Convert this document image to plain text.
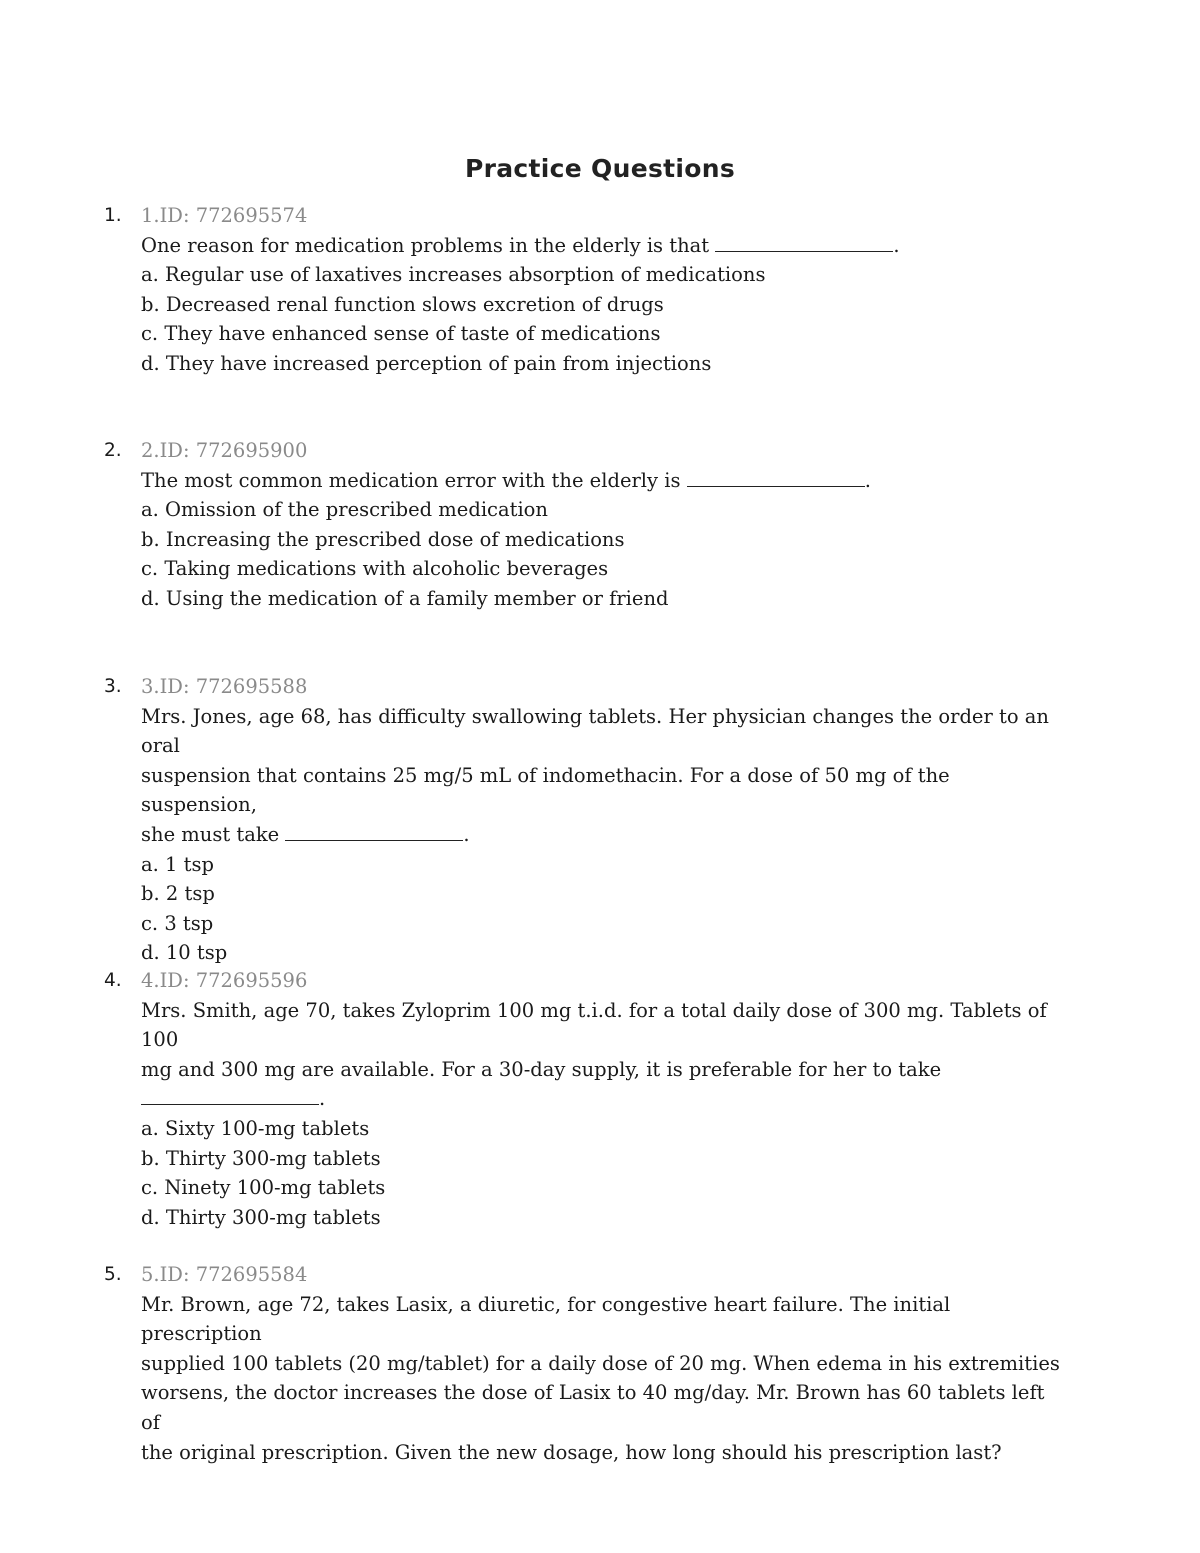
Practice Questions
1. 1.ID: 772695574
One reason for medication problems in the elderly is that	.
a. Regular use of laxatives increases absorption of medications
b. Decreased renal function slows excretion of drugs
c. They have enhanced sense of taste of medications
d. They have increased perception of pain from injections
2. 2.ID: 772695900
The most common medication error with the elderly is	.
a. Omission of the prescribed medication
b. Increasing the prescribed dose of medications
c. Taking medications with alcoholic beverages
d. Using the medication of a family member or friend
3. 3.ID: 772695588
Mrs. Jones, age 68, has difficulty swallowing tablets. Her physician changes the order to an oral
suspension that contains 25 mg/5 mL of indomethacin. For a dose of 50 mg of the suspension,
she must take	.
a. 1 tsp
b. 2 tsp
c. 3 tsp
d. 10 tsp
4. 4.ID: 772695596
Mrs. Smith, age 70, takes Zyloprim 100 mg t.i.d. for a total daily dose of 300 mg. Tablets of 100
mg and 300 mg are available. For a 30-day supply, it is preferable for her to take
.
a. Sixty 100-mg tablets
b. Thirty 300-mg tablets
c. Ninety 100-mg tablets
d. Thirty 300-mg tablets
5. 5.ID: 772695584
Mr. Brown, age 72, takes Lasix, a diuretic, for congestive heart failure. The initial prescription
supplied 100 tablets (20 mg/tablet) for a daily dose of 20 mg. When edema in his extremities
worsens, the doctor increases the dose of Lasix to 40 mg/day. Mr. Brown has 60 tablets left of
the original prescription. Given the new dosage, how long should his prescription last?
